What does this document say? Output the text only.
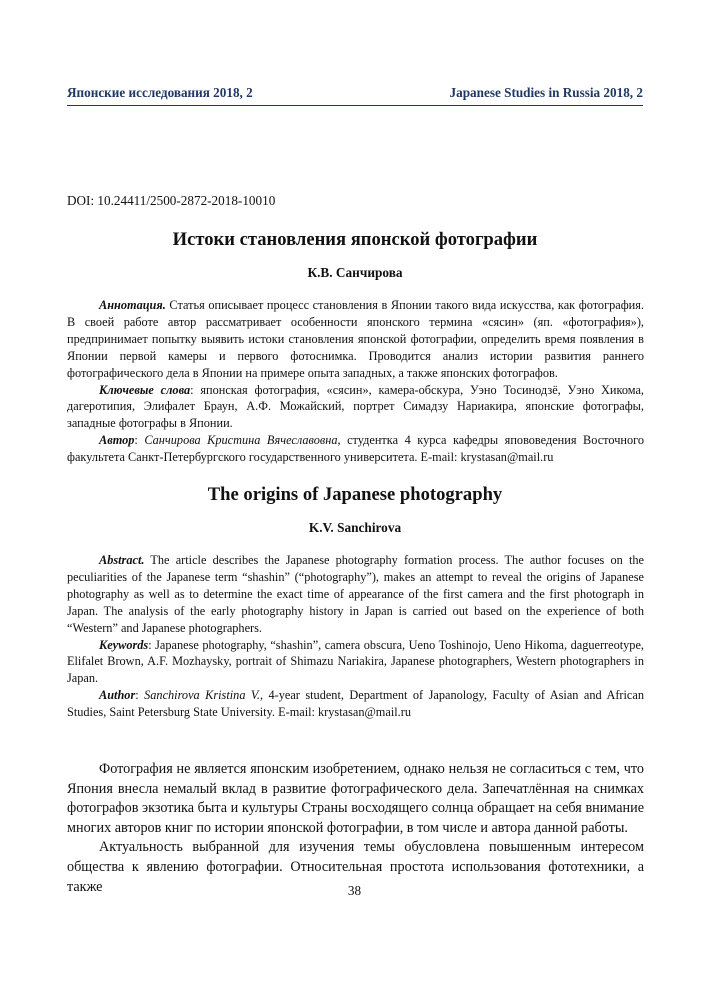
Японские исследования 2018, 2	Japanese Studies in Russia 2018, 2
DOI: 10.24411/2500-2872-2018-10010
Истоки становления японской фотографии
К.В. Санчирова

Аннотация. Статья описывает процесс становления в Японии такого вида искусства, как фотография. В своей работе автор рассматривает особенности японского термина «сясин» (яп. «фотография»), предпринимает попытку выявить истоки становления японской фотографии, определить время появления в Японии первой камеры и первого фотоснимка. Проводится анализ истории развития раннего фотографического дела в Японии на примере опыта западных, а также японских фотографов.

Ключевые слова: японская фотография, «сясин», камера-обскура, Уэно Тосинодзё, Уэно Хикома, дагеротипия, Элифалет Браун, А.Ф. Можайский, портрет Симадзу Нариакира, японские фотографы, западные фотографы в Японии.

Автор: Санчирова Кристина Вячеславовна, студентка 4 курса кафедры япововедения Восточного факультета Санкт-Петербургского государственного университета. E-mail: krystasan@mail.ru

The origins of Japanese photography
K.V. Sanchirova

Abstract. The article describes the Japanese photography formation process. The author focuses on the peculiarities of the Japanese term “shashin” (“photography”), makes an attempt to reveal the origins of Japanese photography as well as to determine the exact time of appearance of the first camera and the first photograph in Japan. The analysis of the early photography history in Japan is carried out based on the experience of both “Western” and Japanese photographers.

Keywords: Japanese photography, “shashin”, camera obscura, Ueno Toshinojo, Ueno Hikoma, daguerreotype, Elifalet Brown, A.F. Mozhaysky, portrait of Shimazu Nariakira, Japanese photographers, Western photographers in Japan.

Author: Sanchirova Kristina V., 4-year student, Department of Japanology, Faculty of Asian and African Studies, Saint Petersburg State University. E-mail: krystasan@mail.ru

Фотография не является японским изобретением, однако нельзя не согласиться с тем, что Япония внесла немалый вклад в развитие фотографического дела. Запечатлённая на снимках фотографов экзотика быта и культуры Страны восходящего солнца обращает на себя внимание многих авторов книг по истории японской фотографии, в том числе и автора данной работы.

Актуальность выбранной для изучения темы обусловлена повышенным интересом общества к явлению фотографии. Относительная простота использования фототехники, а также	38
